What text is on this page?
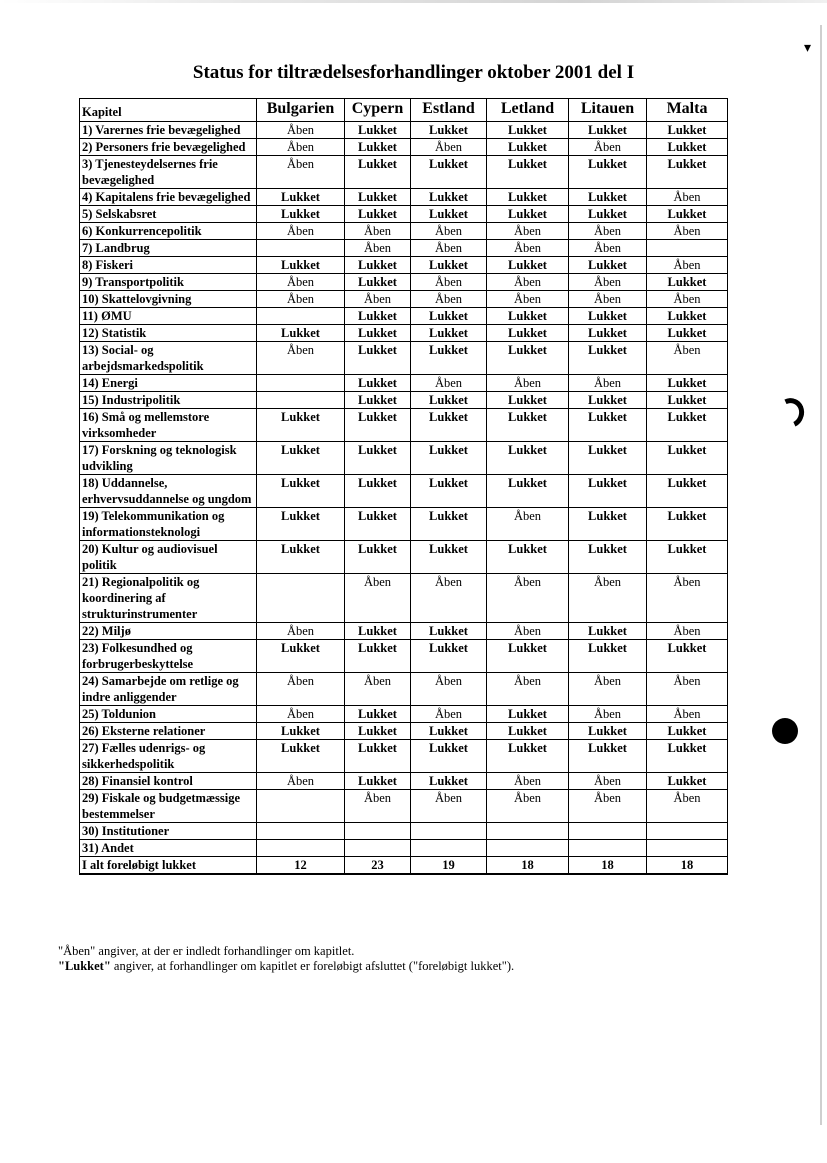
▾
Status for tiltrædelsesforhandlinger oktober 2001 del I
Kapitel	Bulgarien	Cypern	Estland	Letland	Litauen	Malta
1) Varernes frie bevægelighed	Åben	Lukket	Lukket	Lukket	Lukket	Lukket
2) Personers frie bevægelighed	Åben	Lukket	Åben	Lukket	Åben	Lukket
3) Tjenesteydelsernes frie bevægelighed	Åben	Lukket	Lukket	Lukket	Lukket	Lukket
4) Kapitalens frie bevægelighed	Lukket	Lukket	Lukket	Lukket	Lukket	Åben
5) Selskabsret	Lukket	Lukket	Lukket	Lukket	Lukket	Lukket
6) Konkurrencepolitik	Åben	Åben	Åben	Åben	Åben	Åben
7) Landbrug		Åben	Åben	Åben	Åben	
8) Fiskeri	Lukket	Lukket	Lukket	Lukket	Lukket	Åben
9) Transportpolitik	Åben	Lukket	Åben	Åben	Åben	Lukket
10) Skattelovgivning	Åben	Åben	Åben	Åben	Åben	Åben
11) ØMU		Lukket	Lukket	Lukket	Lukket	Lukket
12) Statistik	Lukket	Lukket	Lukket	Lukket	Lukket	Lukket
13) Social- og arbejdsmarkedspolitik	Åben	Lukket	Lukket	Lukket	Lukket	Åben
14) Energi		Lukket	Åben	Åben	Åben	Lukket
15) Industripolitik		Lukket	Lukket	Lukket	Lukket	Lukket
16) Små og mellemstore virksomheder	Lukket	Lukket	Lukket	Lukket	Lukket	Lukket
17) Forskning og teknologisk udvikling	Lukket	Lukket	Lukket	Lukket	Lukket	Lukket
18) Uddannelse, erhvervsuddannelse og ungdom	Lukket	Lukket	Lukket	Lukket	Lukket	Lukket
19) Telekommunikation og informationsteknologi	Lukket	Lukket	Lukket	Åben	Lukket	Lukket
20) Kultur og audiovisuel politik	Lukket	Lukket	Lukket	Lukket	Lukket	Lukket
21) Regionalpolitik og koordinering af strukturinstrumenter		Åben	Åben	Åben	Åben	Åben
22) Miljø	Åben	Lukket	Lukket	Åben	Lukket	Åben
23) Folkesundhed og forbrugerbeskyttelse	Lukket	Lukket	Lukket	Lukket	Lukket	Lukket
24) Samarbejde om retlige og indre anliggender	Åben	Åben	Åben	Åben	Åben	Åben
25) Toldunion	Åben	Lukket	Åben	Lukket	Åben	Åben
26) Eksterne relationer	Lukket	Lukket	Lukket	Lukket	Lukket	Lukket
27) Fælles udenrigs- og sikkerhedspolitik	Lukket	Lukket	Lukket	Lukket	Lukket	Lukket
28) Finansiel kontrol	Åben	Lukket	Lukket	Åben	Åben	Lukket
29) Fiskale og budgetmæssige bestemmelser		Åben	Åben	Åben	Åben	Åben
30) Institutioner						
31) Andet						
I alt foreløbigt lukket	12	23	19	18	18	18
"Åben" angiver, at der er indledt forhandlinger om kapitlet.
"Lukket" angiver, at forhandlinger om kapitlet er foreløbigt afsluttet ("foreløbigt lukket").
